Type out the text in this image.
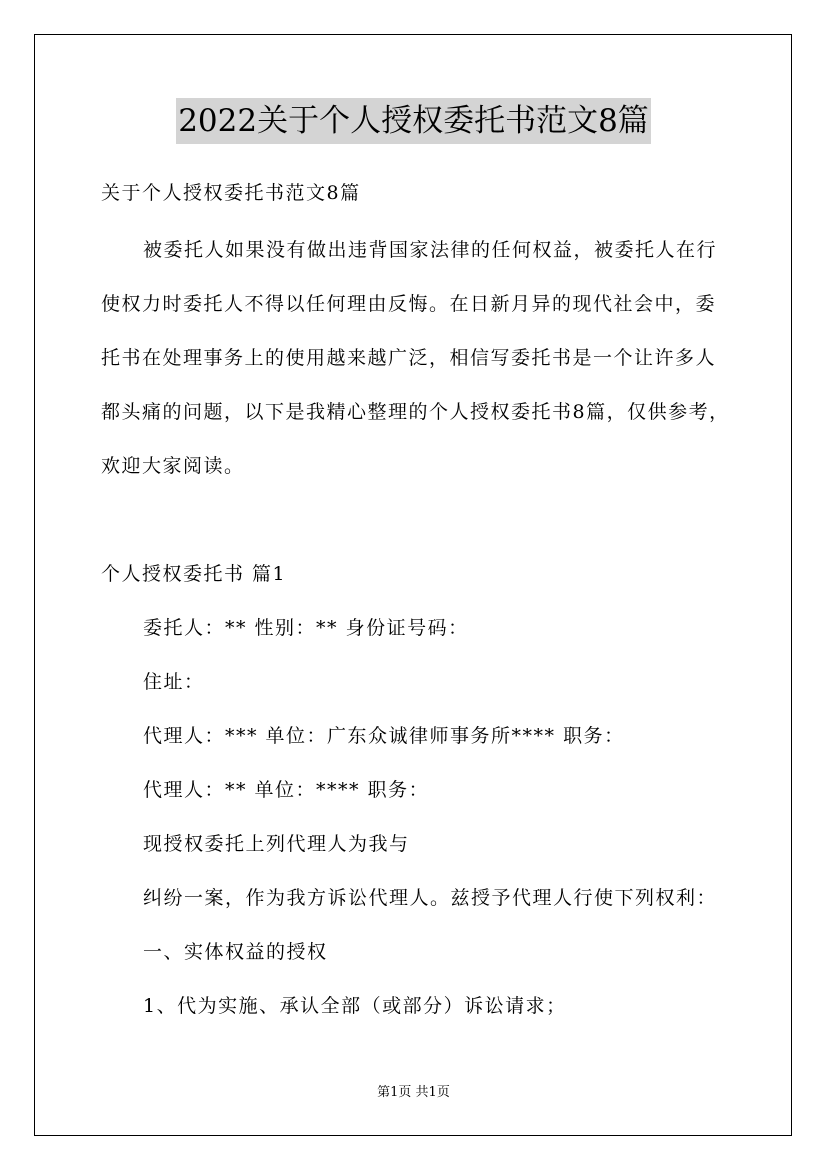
2022关于个人授权委托书范文8篇
关于个人授权委托书范文8篇
被委托人如果没有做出违背国家法律的任何权益，被委托人在行
使权力时委托人不得以任何理由反悔。在日新月异的现代社会中，委
托书在处理事务上的使用越来越广泛，相信写委托书是一个让许多人
都头痛的问题，以下是我精心整理的个人授权委托书8篇，仅供参考，
欢迎大家阅读。
个人授权委托书 篇1
委托人：** 性别：** 身份证号码：
住址：
代理人：*** 单位：广东众诚律师事务所**** 职务：
代理人：** 单位：**** 职务：
现授权委托上列代理人为我与
纠纷一案，作为我方诉讼代理人。兹授予代理人行使下列权利：
一、实体权益的授权
1、代为实施、承认全部（或部分）诉讼请求；
第1页 共1页
